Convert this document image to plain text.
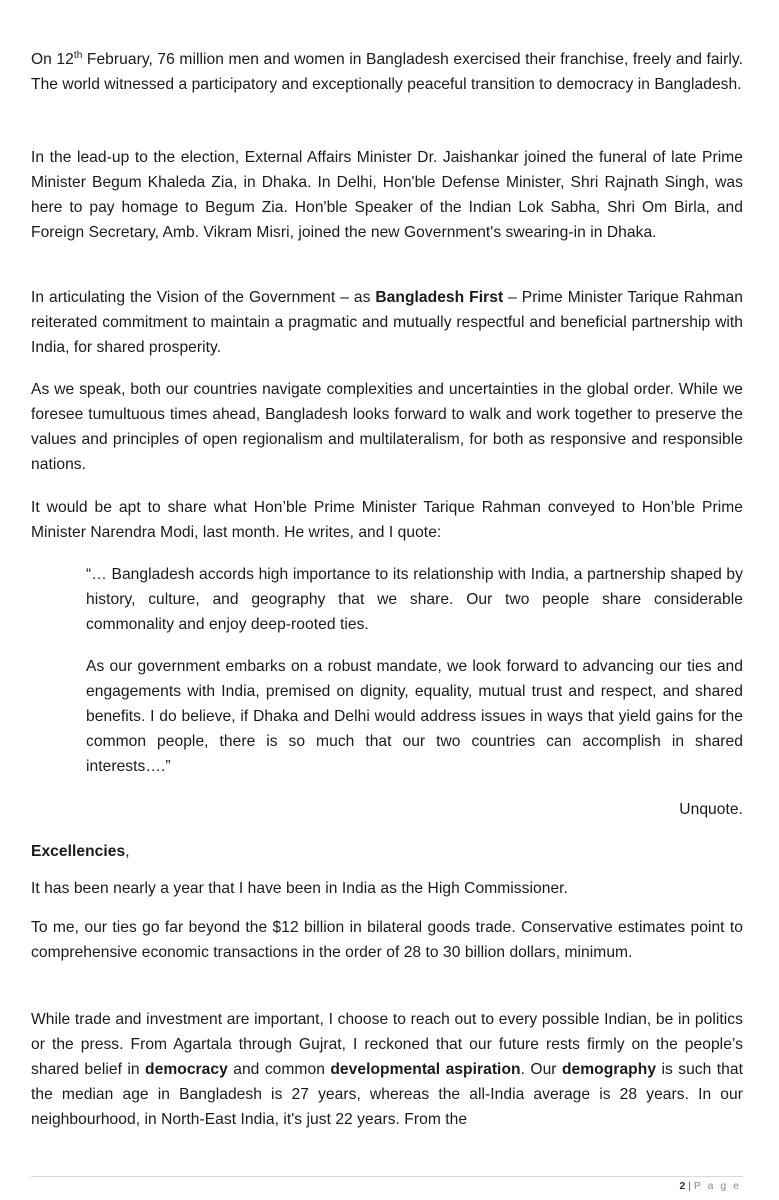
On 12th February, 76 million men and women in Bangladesh exercised their franchise, freely and fairly. The world witnessed a participatory and exceptionally peaceful transition to democracy in Bangladesh.

In the lead-up to the election, External Affairs Minister Dr. Jaishankar joined the funeral of late Prime Minister Begum Khaleda Zia, in Dhaka. In Delhi, Hon'ble Defense Minister, Shri Rajnath Singh, was here to pay homage to Begum Zia. Hon'ble Speaker of the Indian Lok Sabha, Shri Om Birla, and Foreign Secretary, Amb. Vikram Misri, joined the new Government's swearing-in in Dhaka.

In articulating the Vision of the Government – as Bangladesh First – Prime Minister Tarique Rahman reiterated commitment to maintain a pragmatic and mutually respectful and beneficial partnership with India, for shared prosperity.

As we speak, both our countries navigate complexities and uncertainties in the global order. While we foresee tumultuous times ahead, Bangladesh looks forward to walk and work together to preserve the values and principles of open regionalism and multilateralism, for both as responsive and responsible nations.

It would be apt to share what Hon’ble Prime Minister Tarique Rahman conveyed to Hon’ble Prime Minister Narendra Modi, last month. He writes, and I quote:

“… Bangladesh accords high importance to its relationship with India, a partnership shaped by history, culture, and geography that we share. Our two people share considerable commonality and enjoy deep-rooted ties.

As our government embarks on a robust mandate, we look forward to advancing our ties and engagements with India, premised on dignity, equality, mutual trust and respect, and shared benefits. I do believe, if Dhaka and Delhi would address issues in ways that yield gains for the common people, there is so much that our two countries can accomplish in shared interests….”

Unquote.

Excellencies,

It has been nearly a year that I have been in India as the High Commissioner.

To me, our ties go far beyond the $12 billion in bilateral goods trade. Conservative estimates point to comprehensive economic transactions in the order of 28 to 30 billion dollars, minimum.

While trade and investment are important, I choose to reach out to every possible Indian, be in politics or the press. From Agartala through Gujrat, I reckoned that our future rests firmly on the people’s shared belief in democracy and common developmental aspiration. Our demography is such that the median age in Bangladesh is 27 years, whereas the all-India average is 28 years. In our neighbourhood, in North-East India, it's just 22 years. From the

2 | P a g e
